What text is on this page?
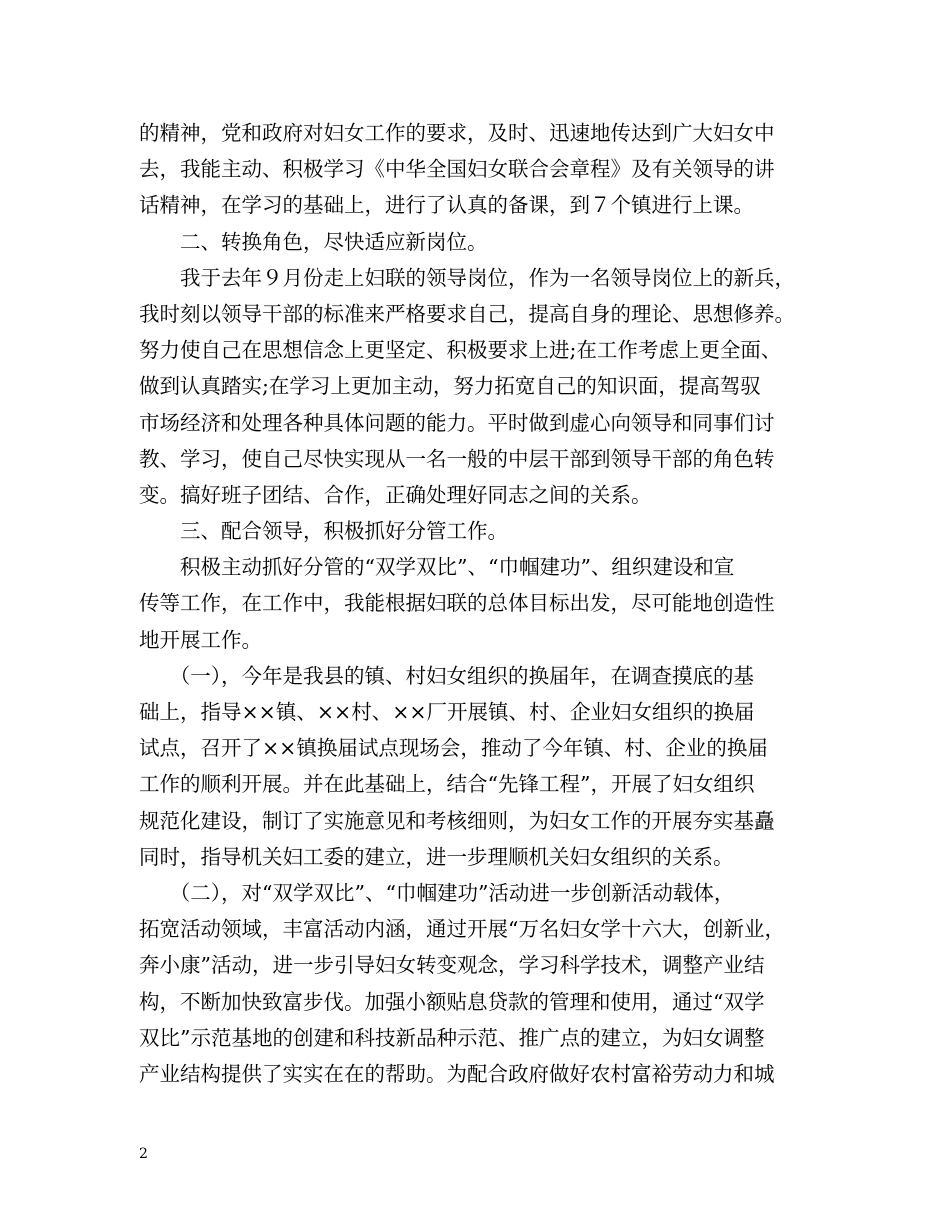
的精神，党和政府对妇女工作的要求，及时、迅速地传达到广大妇女中
去，我能主动、积极学习《中华全国妇女联合会章程》及有关领导的讲
话精神，在学习的基础上，进行了认真的备课，到７个镇进行上课。
　　二、转换角色，尽快适应新岗位。
　　我于去年９月份走上妇联的领导岗位，作为一名领导岗位上的新兵，
我时刻以领导干部的标准来严格要求自己，提高自身的理论、思想修养。
努力使自己在思想信念上更坚定、积极要求上进;在工作考虑上更全面、
做到认真踏实;在学习上更加主动，努力拓宽自己的知识面，提高驾驭
市场经济和处理各种具体问题的能力。平时做到虚心向领导和同事们讨
教、学习，使自己尽快实现从一名一般的中层干部到领导干部的角色转
变。搞好班子团结、合作，正确处理好同志之间的关系。
　　三、配合领导，积极抓好分管工作。
　　积极主动抓好分管的“双学双比”、“巾帼建功”、组织建设和宣
传等工作，在工作中，我能根据妇联的总体目标出发，尽可能地创造性
地开展工作。
　　（一），今年是我县的镇、村妇女组织的换届年，在调查摸底的基
础上，指导××镇、××村、××厂开展镇、村、企业妇女组织的换届
试点，召开了××镇换届试点现场会，推动了今年镇、村、企业的换届
工作的顺利开展。并在此基础上，结合“先锋工程”，开展了妇女组织
规范化建设，制订了实施意见和考核细则，为妇女工作的开展夯实基矗
同时，指导机关妇工委的建立，进一步理顺机关妇女组织的关系。
　　（二），对“双学双比”、“巾帼建功”活动进一步创新活动载体，
拓宽活动领域，丰富活动内涵，通过开展“万名妇女学十六大，创新业，
奔小康”活动，进一步引导妇女转变观念，学习科学技术，调整产业结
构，不断加快致富步伐。加强小额贴息贷款的管理和使用，通过“双学
双比”示范基地的创建和科技新品种示范、推广点的建立，为妇女调整
产业结构提供了实实在在的帮助。为配合政府做好农村富裕劳动力和城
2
